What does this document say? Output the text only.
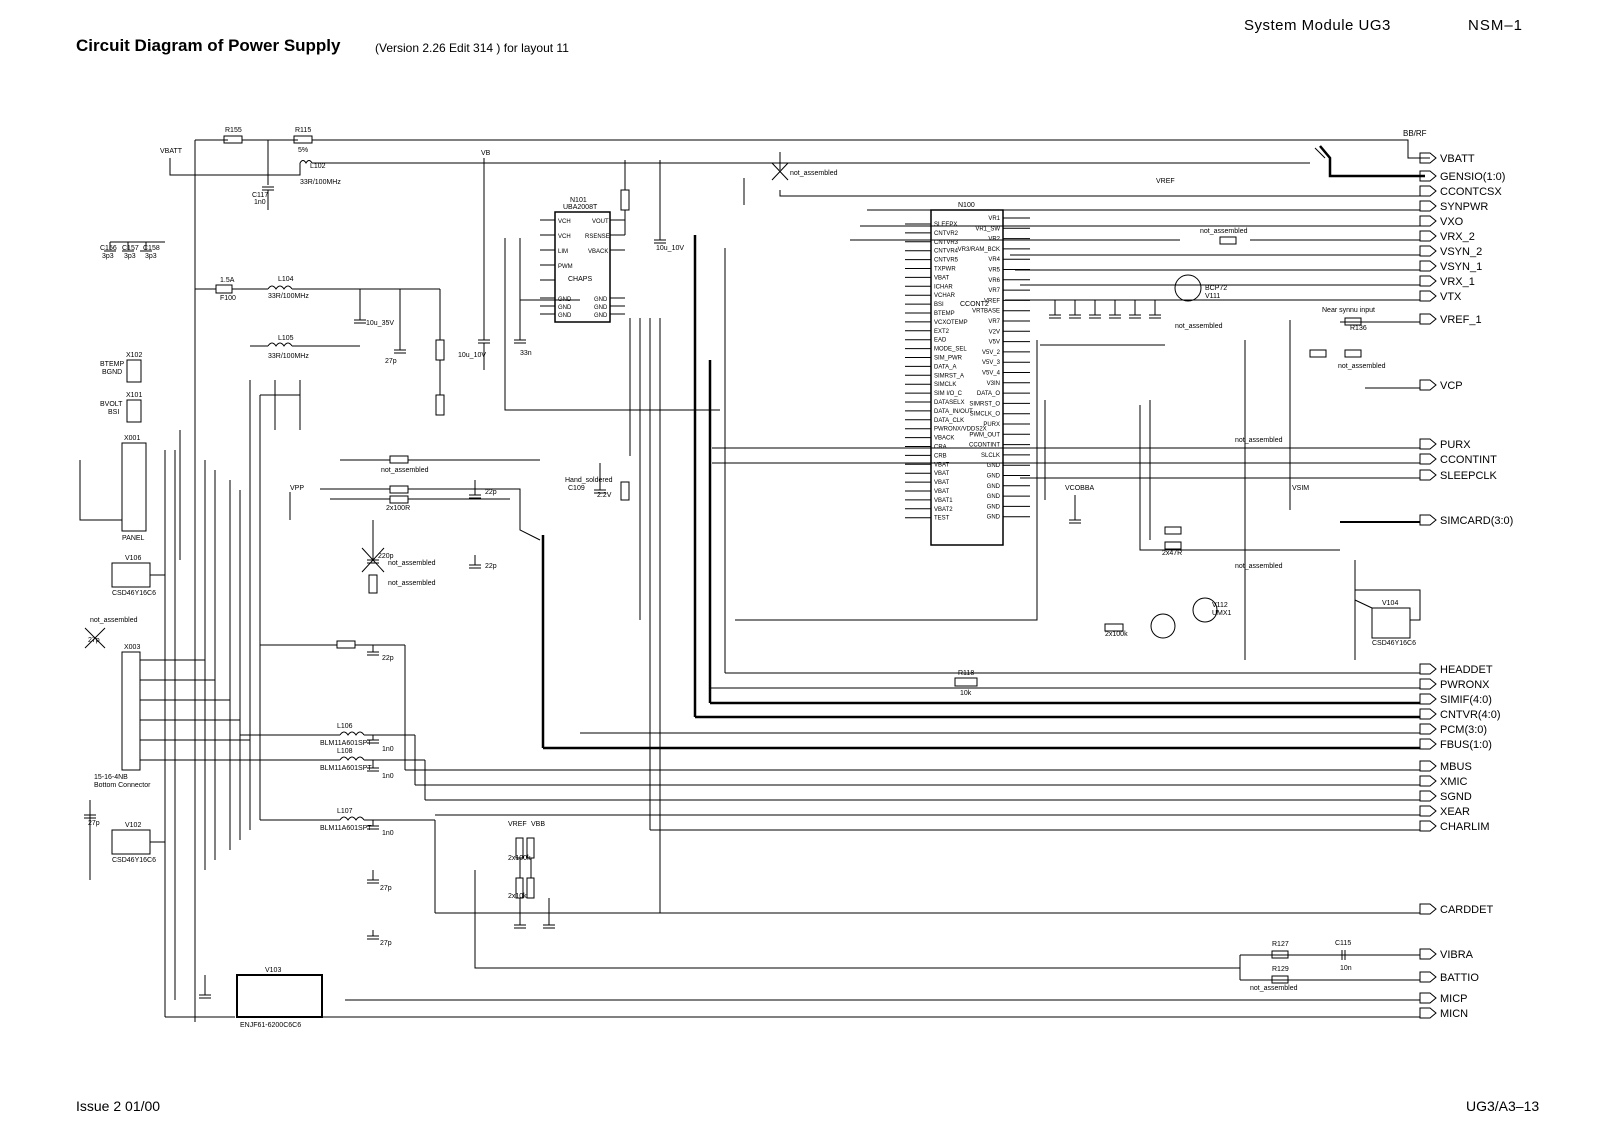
System Module UG3	NSM–1
Circuit Diagram of Power Supply	(Version 2.26 Edit 314 ) for layout 11
N100
CCONT2
SLEEPX
CNTVR2
CNTVR3
CNTVR4
CNTVR5
TXPWR
VBAT
ICHAR
VCHAR
BSI
BTEMP
VCXOTEMP
EXT2
EAD
MODE_SEL
SIM_PWR
DATA_A
SIMRST_A
SIMCLK
SIM I/O_C
DATASELX
DATA_IN/OUT
DATA_CLK
PWRONX/VDDS2X
VBACK
CRA
CRB
VBAT
VBAT
VBAT
VBAT
VBAT1
VBAT2
TEST
VR1
VR1_SW
VR2
VR3/RAM_BCK
VR4
VR5
VR6
VR7
VREF
VRTBASE
VR7
V2V
V5V
V5V_2
V5V_3
V5V_4
V3IN
DATA_O
SIMRST_O
SIMCLK_O
PURX
PWM_OUT
CCONTINT
SLCLK
GND
GND
GND
GND
GND
GND
N101
UBA2008T
CHAPS
VCH
VCH
LIM
PWM
GND
GND
GND
VOUT
RSENSE
VBACK
GND
GND
GND
X102
X101
X001
PANEL
X003
15-16-4NB
Bottom Connector
V106
CSD46Y16C6
V102
CSD46Y16C6
R155	R115
5%
L102
33R/100MHz
C117
1n0
C156 C157 C158
3p3 3p3 3p3
1.5A
F100
L104
33R/100MHz
L105
33R/100MHz
10u_35V
27p
VB
10u_10V	33n
10u_10V
Hand_soldered
C109
2.2V
VPP
not_assembled
2x100R
22p
22p
220p
not_assembled
not_assembled
22p
not_assembled
27p
L106
BLM11A601SPT
1n0
L108
BLM11A601SPT
1n0
L107
BLM11A601SPT
1n0
27p
27p
27p
V103
ENJF61-6200C6C6
VREF VBB
2x100k
2x10k
BCP72
V111
not_assembled
not_assembled
Near synnu input
R136
not_assembled
not_assembled
V112
UMX1
2x100k
2x47R
not_assembled
V104
CSD46Y16C6
R118
10k
R127
R129
not_assembled
C115
10n
VREF
VSIM
VCOBBA
not_assembled
VBATT
BTEMP
BGND
BVOLT
BSI
BB/RF
VBATT
GENSIO(1:0)
CCONTCSX
SYNPWR
VXO
VRX_2
VSYN_2
VSYN_1
VRX_1
VTX
VREF_1
VCP
PURX
CCONTINT
SLEEPCLK
SIMCARD(3:0)
HEADDET
PWRONX
SIMIF(4:0)
CNTVR(4:0)
PCM(3:0)
FBUS(1:0)
MBUS
XMIC
SGND
XEAR
CHARLIM
CARDDET
VIBRA
BATTIO
MICP
MICN
Issue 2 01/00	UG3/A3–13
